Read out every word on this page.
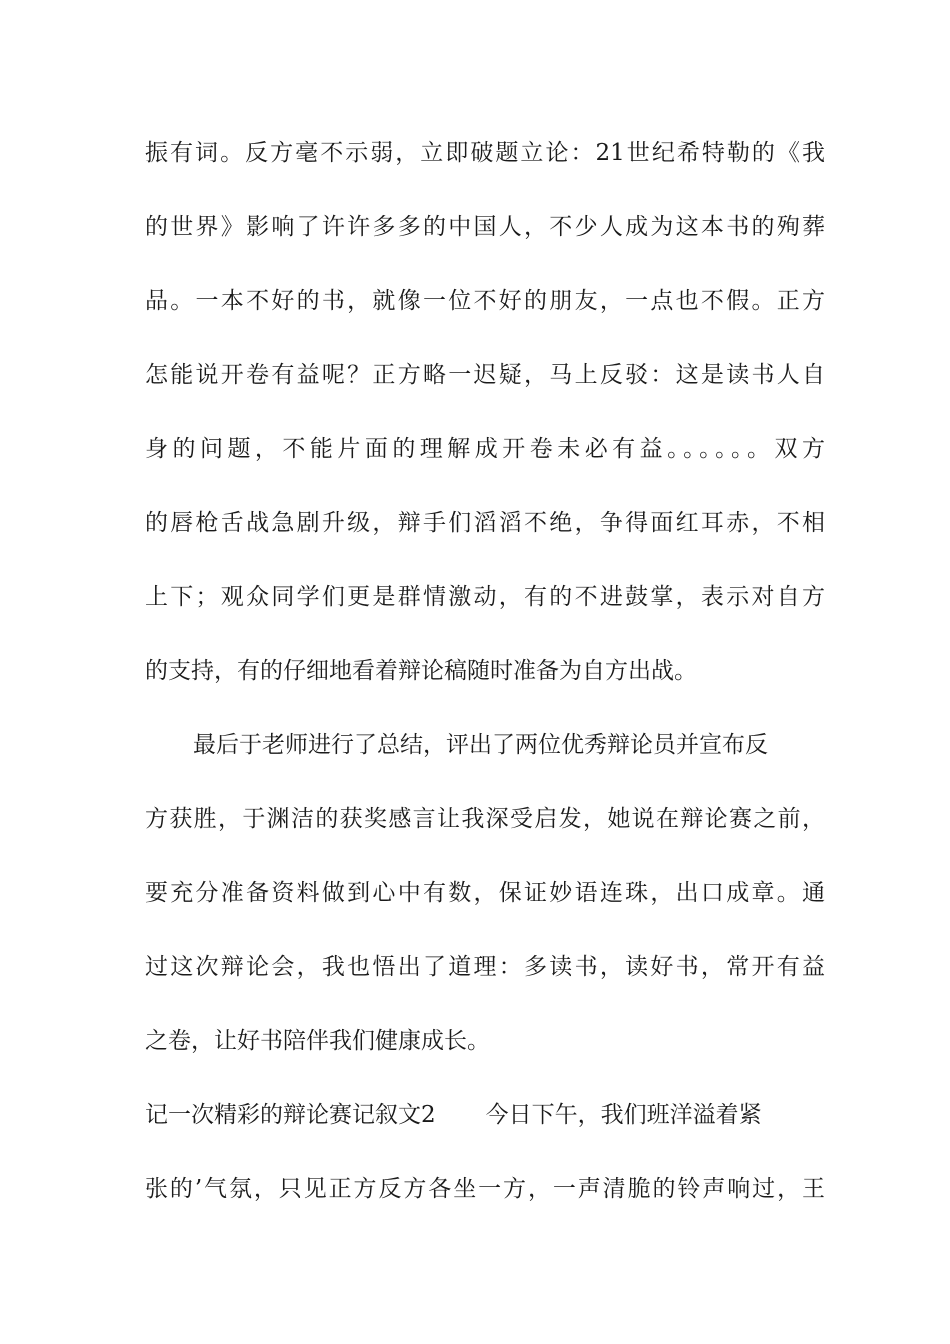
振有词。反方毫不示弱，立即破题立论：21世纪希特勒的《我
的世界》影响了许许多多的中国人，不少人成为这本书的殉葬
品。一本不好的书，就像一位不好的朋友，一点也不假。正方
怎能说开卷有益呢？正方略一迟疑，马上反驳：这是读书人自
身的问题，不能片面的理解成开卷未必有益。。。。。。双方
的唇枪舌战急剧升级，辩手们滔滔不绝，争得面红耳赤，不相
上下；观众同学们更是群情激动，有的不进鼓掌，表示对自方
的支持，有的仔细地看着辩论稿随时准备为自方出战。
最后于老师进行了总结，评出了两位优秀辩论员并宣布反
方获胜，于渊洁的获奖感言让我深受启发，她说在辩论赛之前，
要充分准备资料做到心中有数，保证妙语连珠，出口成章。通
过这次辩论会，我也悟出了道理：多读书，读好书，常开有益
之卷，让好书陪伴我们健康成长。
记一次精彩的辩论赛记叙文2 今日下午，我们班洋溢着紧
张的’气氛，只见正方反方各坐一方，一声清脆的铃声响过，王
